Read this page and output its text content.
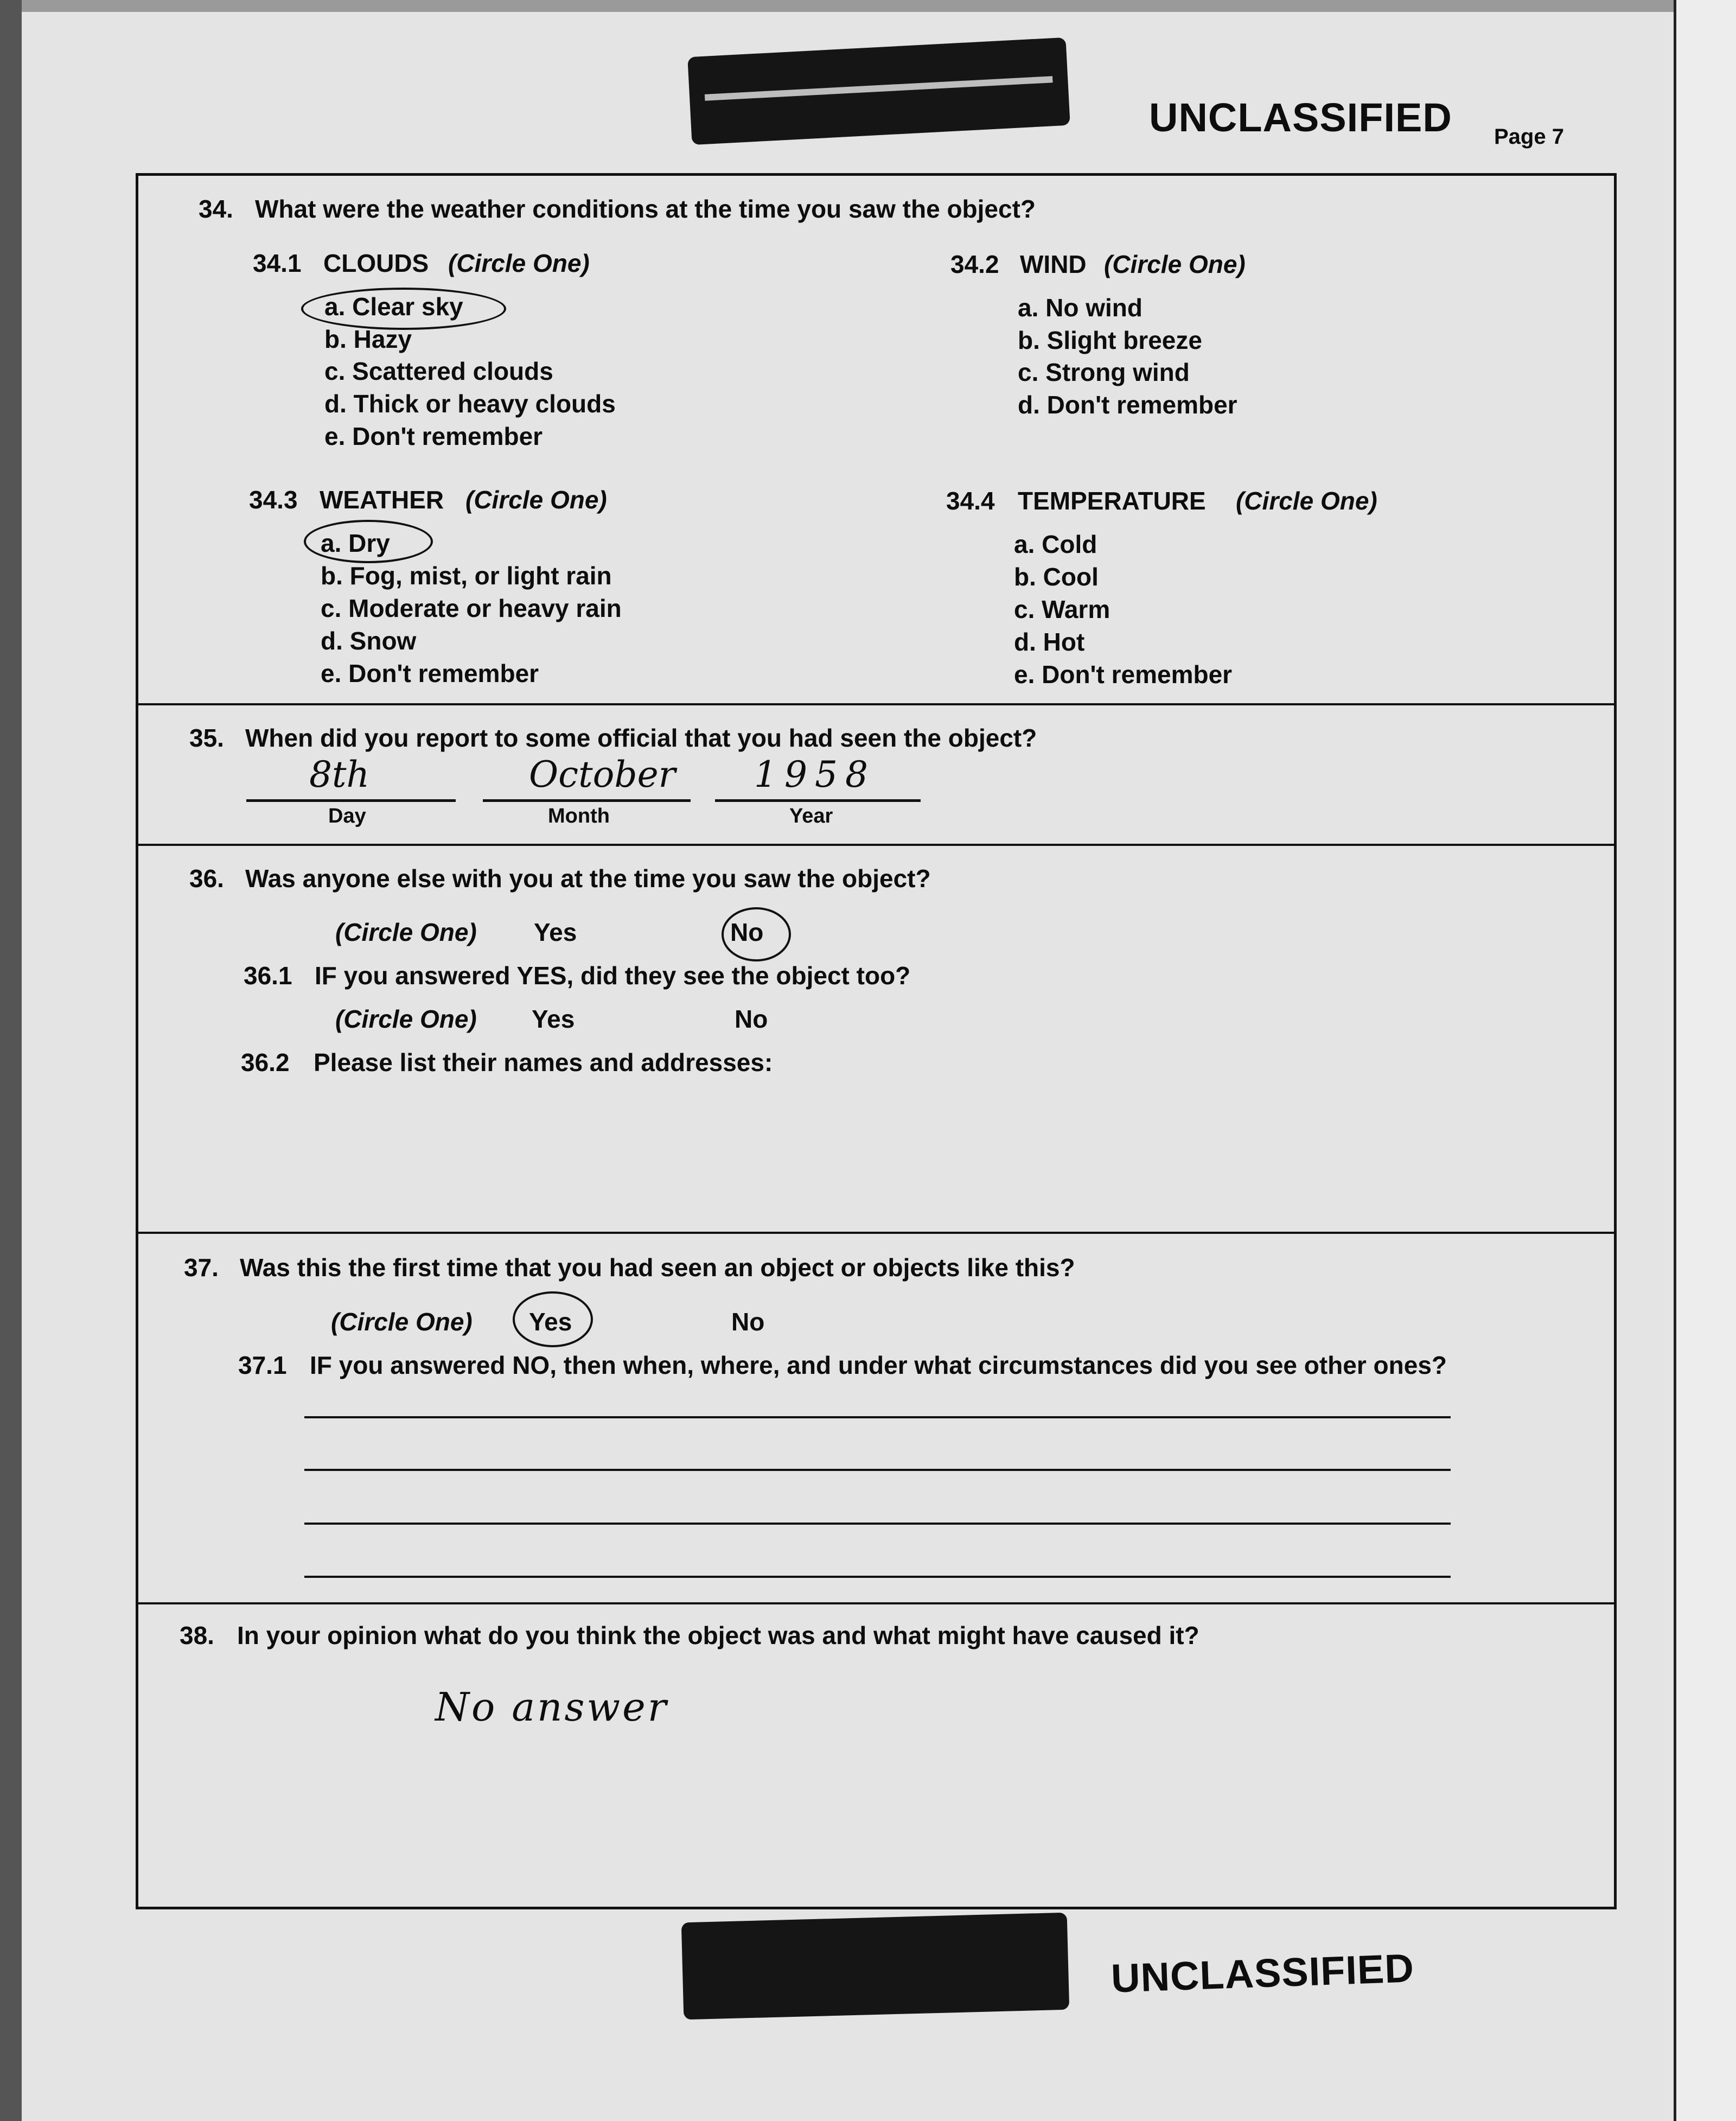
UNCLASSIFIED Page 7
34. What were the weather conditions at the time you saw the object?
34.1 CLOUDS (Circle One)
a. Clear sky
b. Hazy
c. Scattered clouds
d. Thick or heavy clouds
e. Don't remember
34.2 WIND (Circle One)
a. No wind
b. Slight breeze
c. Strong wind
d. Don't remember
34.3 WEATHER (Circle One)
a. Dry
b. Fog, mist, or light rain
c. Moderate or heavy rain
d. Snow
e. Don't remember
34.4 TEMPERATURE (Circle One)
a. Cold
b. Cool
c. Warm
d. Hot
e. Don't remember
35. When did you report to some official that you had seen the object?
8th	October 1958
Day	Month	Year
36. Was anyone else with you at the time you saw the object?
(Circle One) Yes	No
36.1 IF you answered YES, did they see the object too?
(Circle One) Yes	No
36.2 Please list their names and addresses:
37. Was this the first time that you had seen an object or objects like this?
(Circle One) Yes	No
37.1 IF you answered NO, then when, where, and under what circumstances did you see other ones?
38. In your opinion what do you think the object was and what might have caused it?
No answer
UNCLASSIFIED
